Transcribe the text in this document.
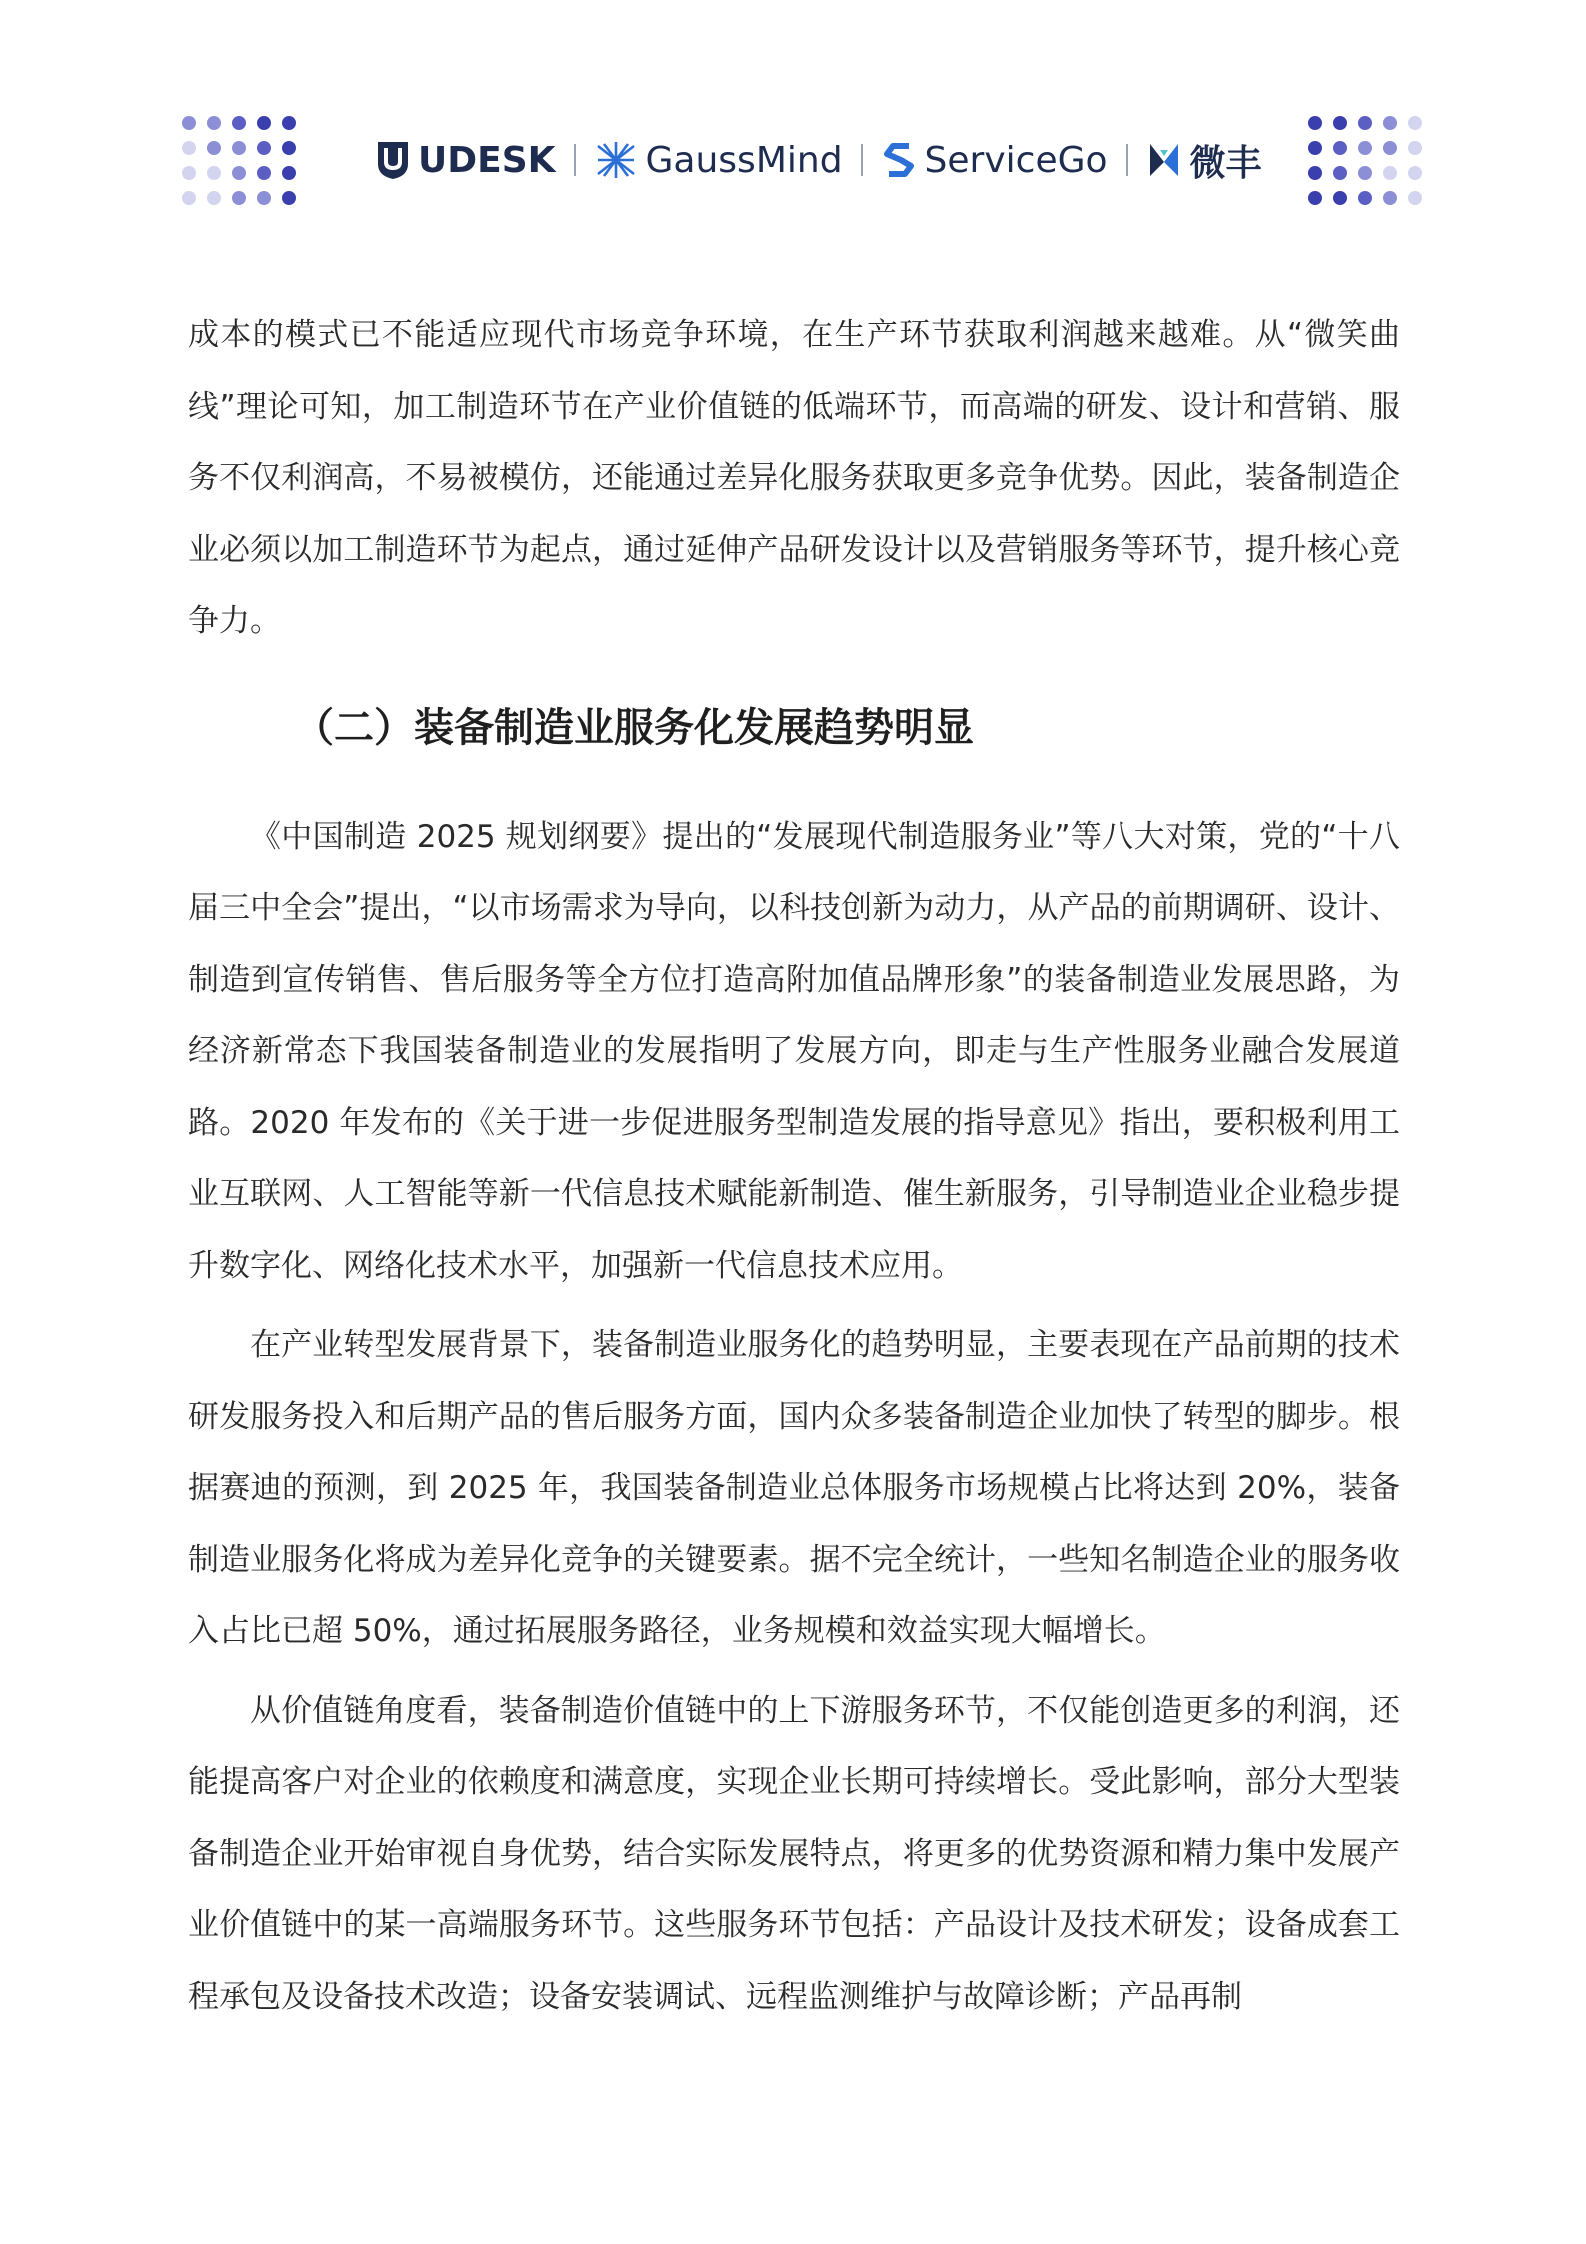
UDESK	GaussMind ServiceGo 微丰

成本的模式已不能适应现代市场竞争环境，在生产环节获取利润越来越难。从“微笑曲线”理论可知，加工制造环节在产业价值链的低端环节，而高端的研发、设计和营销、服务不仅利润高，不易被模仿，还能通过差异化服务获取更多竞争优势。因此，装备制造企业必须以加工制造环节为起点，通过延伸产品研发设计以及营销服务等环节，提升核心竞争力。

（二）装备制造业服务化发展趋势明显

《中国制造 2025 规划纲要》提出的“发展现代制造服务业”等八大对策，党的“十八届三中全会”提出，“以市场需求为导向，以科技创新为动力，从产品的前期调研、设计、制造到宣传销售、售后服务等全方位打造高附加值品牌形象”的装备制造业发展思路，为经济新常态下我国装备制造业的发展指明了发展方向，即走与生产性服务业融合发展道路。2020 年发布的《关于进一步促进服务型制造发展的指导意见》指出，要积极利用工业互联网、人工智能等新一代信息技术赋能新制造、催生新服务，引导制造业企业稳步提升数字化、网络化技术水平，加强新一代信息技术应用。

在产业转型发展背景下，装备制造业服务化的趋势明显，主要表现在产品前期的技术研发服务投入和后期产品的售后服务方面，国内众多装备制造企业加快了转型的脚步。根据赛迪的预测，到 2025 年，我国装备制造业总体服务市场规模占比将达到 20%，装备制造业服务化将成为差异化竞争的关键要素。据不完全统计，一些知名制造企业的服务收入占比已超 50%，通过拓展服务路径，业务规模和效益实现大幅增长。

从价值链角度看，装备制造价值链中的上下游服务环节，不仅能创造更多的利润，还能提高客户对企业的依赖度和满意度，实现企业长期可持续增长。受此影响，部分大型装备制造企业开始审视自身优势，结合实际发展特点，将更多的优势资源和精力集中发展产业价值链中的某一高端服务环节。这些服务环节包括：产品设计及技术研发；设备成套工程承包及设备技术改造；设备安装调试、远程监测维护与故障诊断；产品再制
